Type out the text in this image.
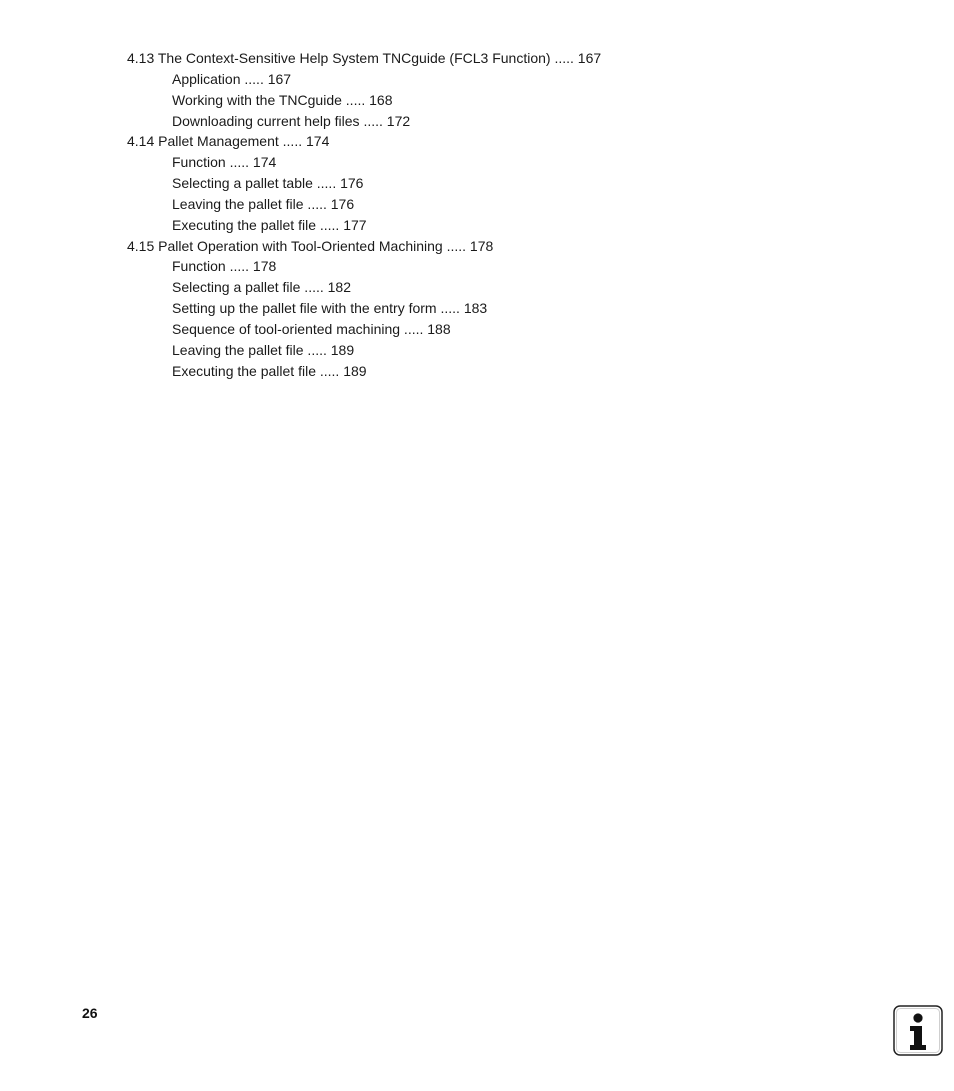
4.13 The Context-Sensitive Help System TNCguide (FCL3 Function) ..... 167
Application ..... 167
Working with the TNCguide ..... 168
Downloading current help files ..... 172
4.14 Pallet Management ..... 174
Function ..... 174
Selecting a pallet table ..... 176
Leaving the pallet file ..... 176
Executing the pallet file ..... 177
4.15 Pallet Operation with Tool-Oriented Machining ..... 178
Function ..... 178
Selecting a pallet file ..... 182
Setting up the pallet file with the entry form ..... 183
Sequence of tool-oriented machining ..... 188
Leaving the pallet file ..... 189
Executing the pallet file ..... 189
26
